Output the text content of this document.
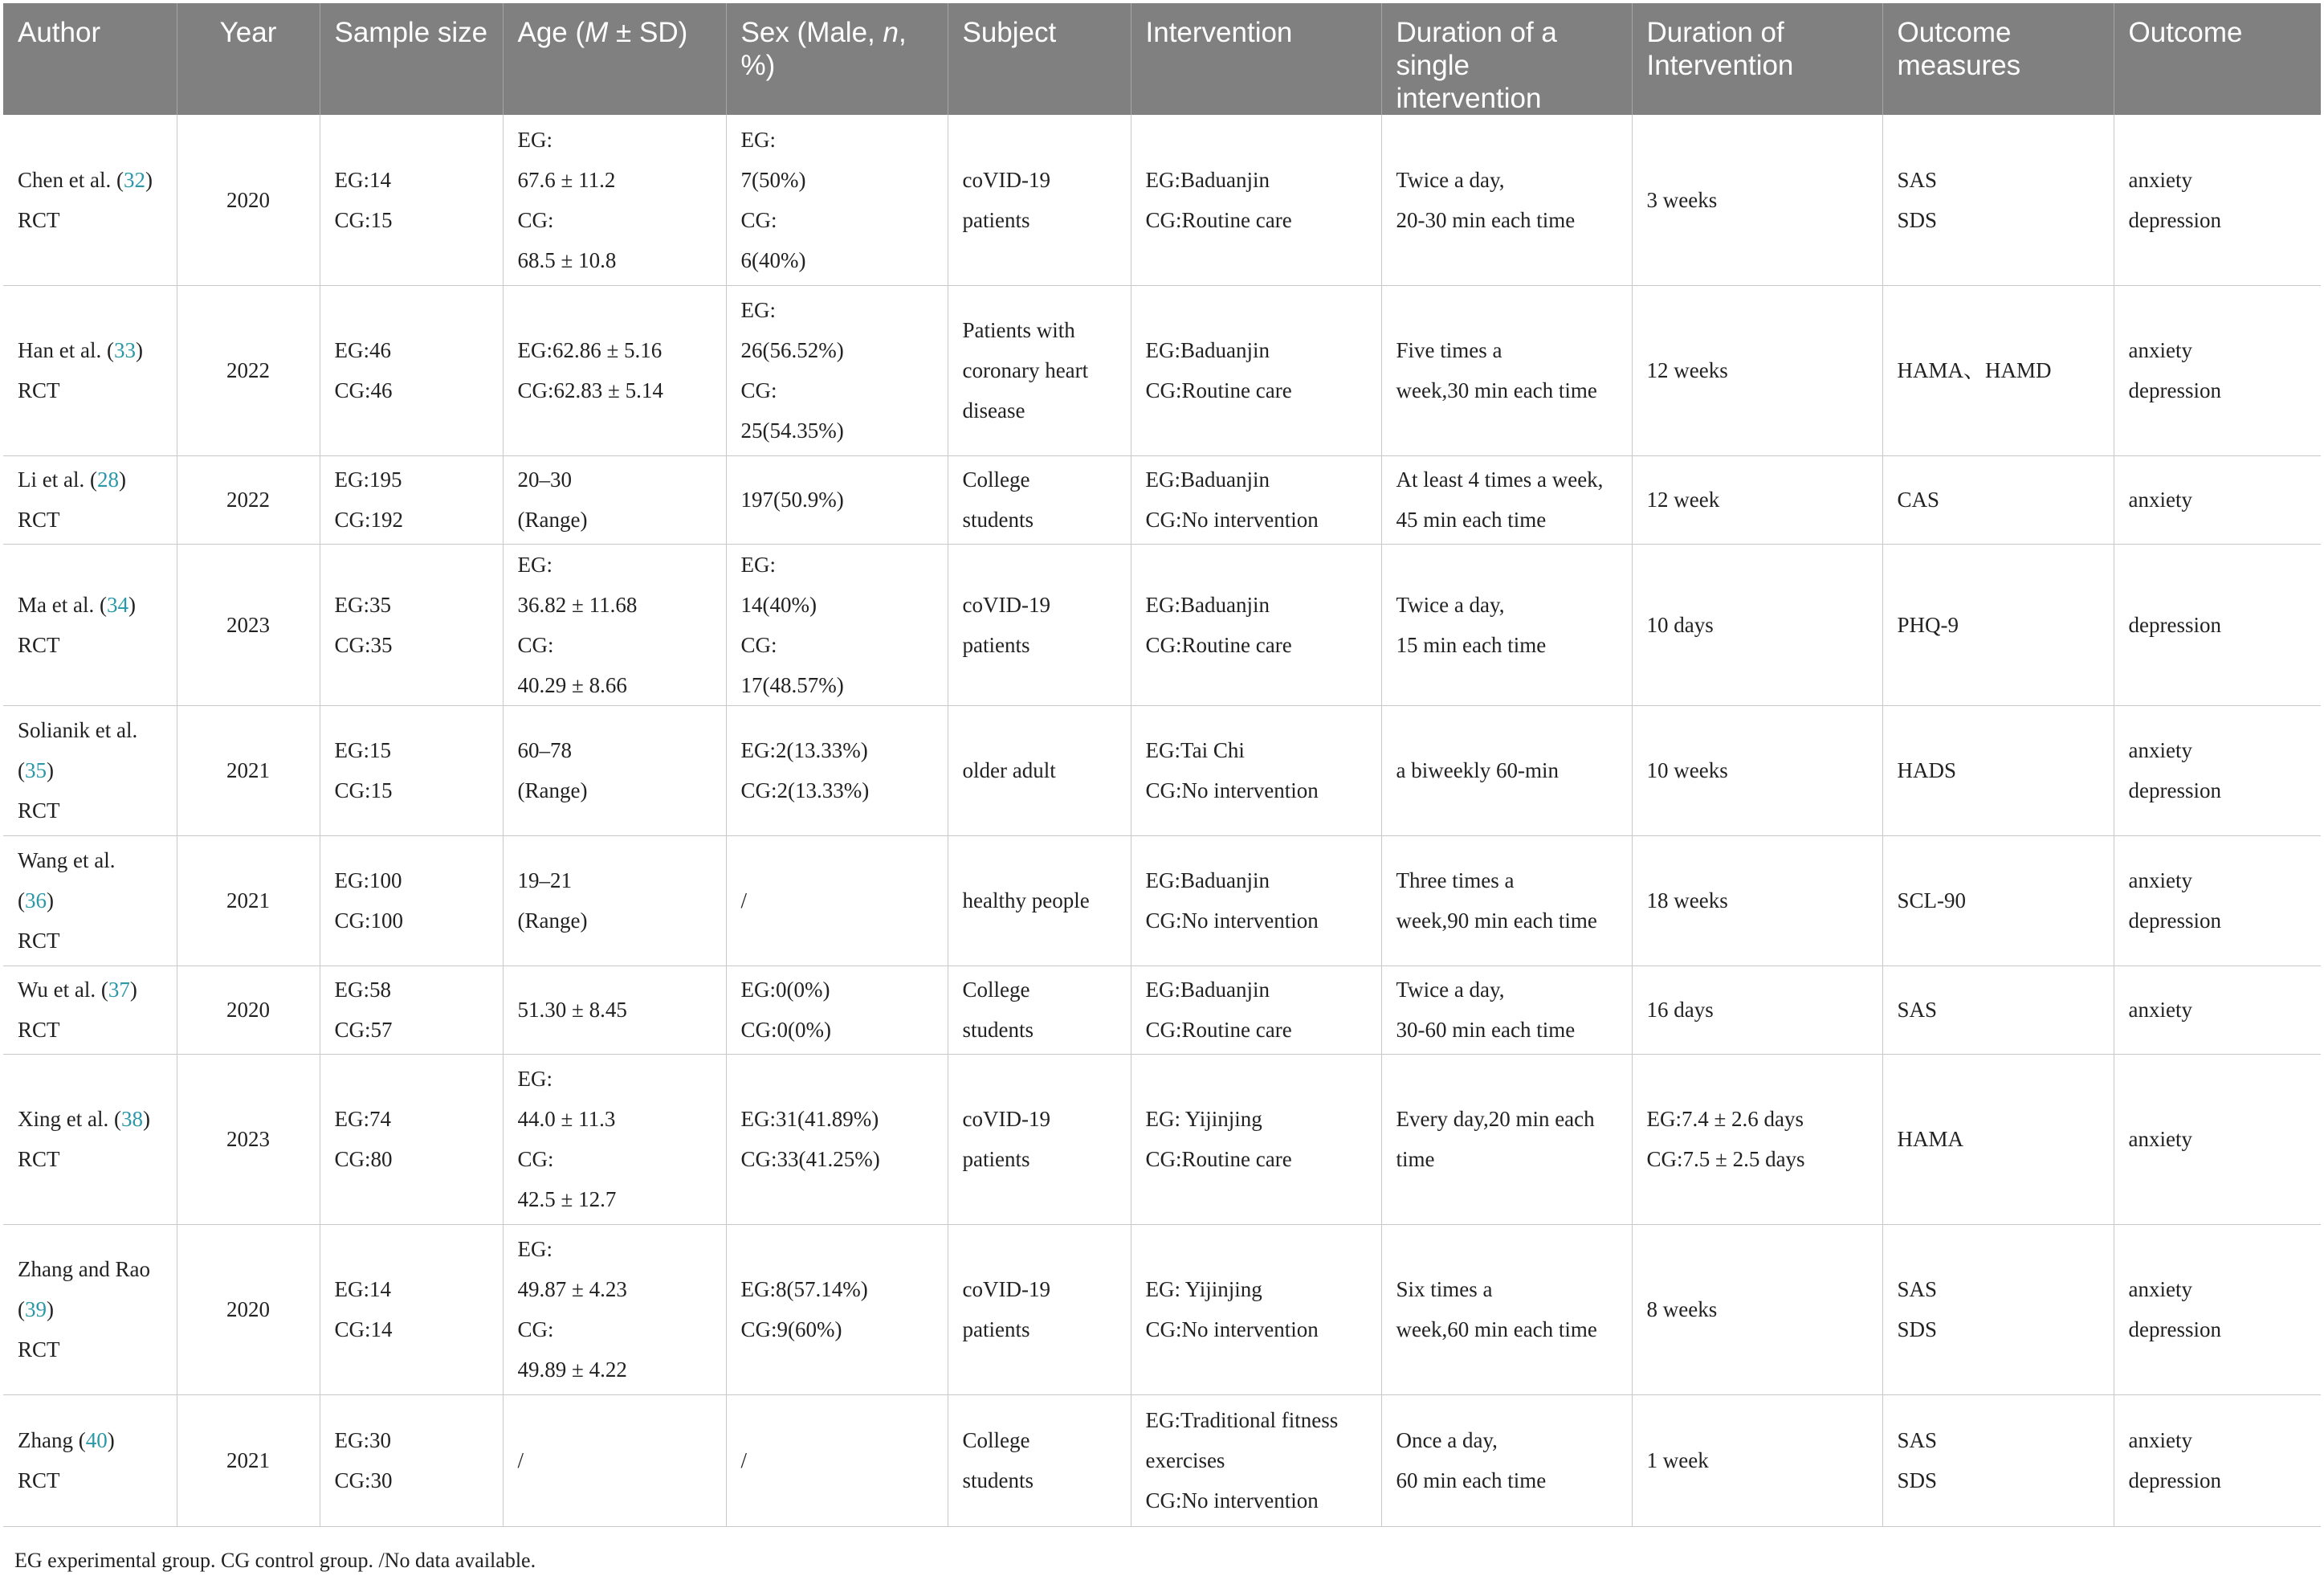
Author	Year	Sample size	Age (M ± SD)	Sex (Male, n, %)	Subject	Intervention	Duration of a single intervention	Duration of Intervention	Outcome measures	Outcome

Chen et al. (32)
RCT	2020	EG:14
CG:15	EG:
67.6 ± 11.2
CG:
68.5 ± 10.8	EG:
7(50%)
CG:
6(40%)	coVID-19
patients	EG:Baduanjin
CG:Routine care	Twice a day,
20-30 min each time	3 weeks	SAS
SDS	anxiety
depression

Han et al. (33)
RCT	2022	EG:46
CG:46	EG:62.86 ± 5.16
CG:62.83 ± 5.14	EG:
26(56.52%)
CG:
25(54.35%)	Patients with
coronary heart
disease	EG:Baduanjin
CG:Routine care	Five times a
week,30 min each time	12 weeks	HAMA、HAMD	anxiety
depression

Li et al. (28)
RCT	2022	EG:195
CG:192	20–30
(Range)	197(50.9%)	College
students	EG:Baduanjin
CG:No intervention	At least 4 times a week,
45 min each time	12 week	CAS	anxiety

Ma et al. (34)
RCT	2023	EG:35
CG:35	EG:
36.82 ± 11.68
CG:
40.29 ± 8.66	EG:
14(40%)
CG:
17(48.57%)	coVID-19
patients	EG:Baduanjin
CG:Routine care	Twice a day,
15 min each time	10 days	PHQ-9	depression

Solianik et al.
(35)
RCT	2021	EG:15
CG:15	60–78
(Range)	EG:2(13.33%)
CG:2(13.33%)	older adult	EG:Tai Chi
CG:No intervention	a biweekly 60-min	10 weeks	HADS	anxiety
depression

Wang et al.
(36)
RCT	2021	EG:100
CG:100	19–21
(Range)	/	healthy people	EG:Baduanjin
CG:No intervention	Three times a
week,90 min each time	18 weeks	SCL-90	anxiety
depression

Wu et al. (37)
RCT	2020	EG:58
CG:57	51.30 ± 8.45	EG:0(0%)
CG:0(0%)	College
students	EG:Baduanjin
CG:Routine care	Twice a day,
30-60 min each time	16 days	SAS	anxiety

Xing et al. (38)
RCT	2023	EG:74
CG:80	EG:
44.0 ± 11.3
CG:
42.5 ± 12.7	EG:31(41.89%)
CG:33(41.25%)	coVID-19
patients	EG: Yijinjing
CG:Routine care	Every day,20 min each
time	EG:7.4 ± 2.6 days
CG:7.5 ± 2.5 days	HAMA	anxiety

Zhang and Rao
(39)
RCT	2020	EG:14
CG:14	EG:
49.87 ± 4.23
CG:
49.89 ± 4.22	EG:8(57.14%)
CG:9(60%)	coVID-19
patients	EG: Yijinjing
CG:No intervention	Six times a
week,60 min each time	8 weeks	SAS
SDS	anxiety
depression

Zhang (40)
RCT	2021	EG:30
CG:30	/	/	College
students	EG:Traditional fitness
exercises
CG:No intervention	Once a day,
60 min each time	1 week	SAS
SDS	anxiety
depression
EG experimental group. CG control group. /No data available.
